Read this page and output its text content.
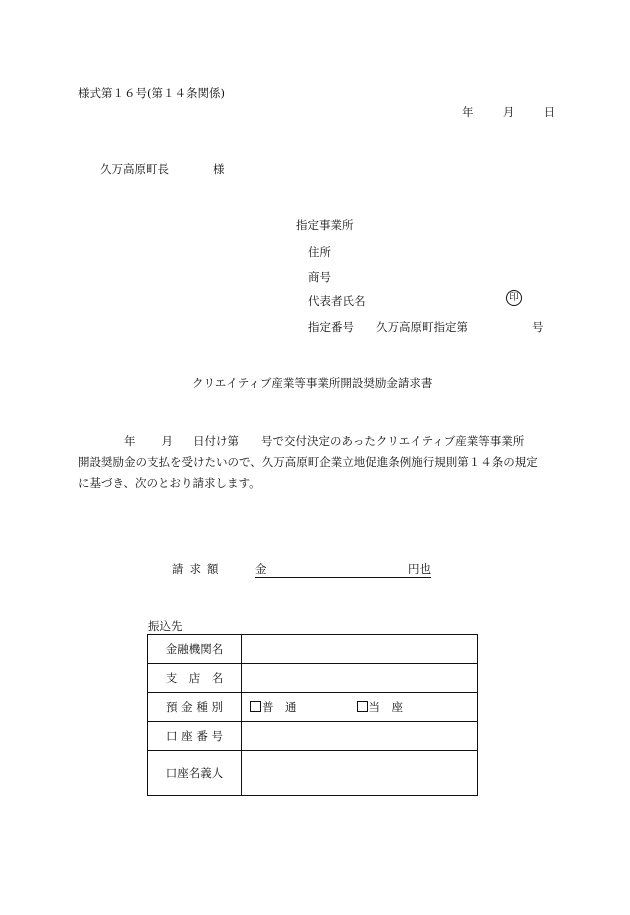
様式第１６号(第１４条関係)
年	月	日
久万高原町長	様
指定事業所
住所
商号
代表者氏名	印
指定番号 久万高原町指定第	号
クリエイティブ産業等事業所開設奨励金請求書
年 月 日付け第 号で交付決定のあったクリエイティブ産業等事業所
開設奨励金の支払を受けたいので、久万高原町企業立地促進条例施行規則第１４条の規定
に基づき、次のとおり請求します。
請求額	金	円也
振込先
金融機関名	
支　店　名	
預 金 種 別	普　通 当　座
口 座 番 号	
口座名義人	
